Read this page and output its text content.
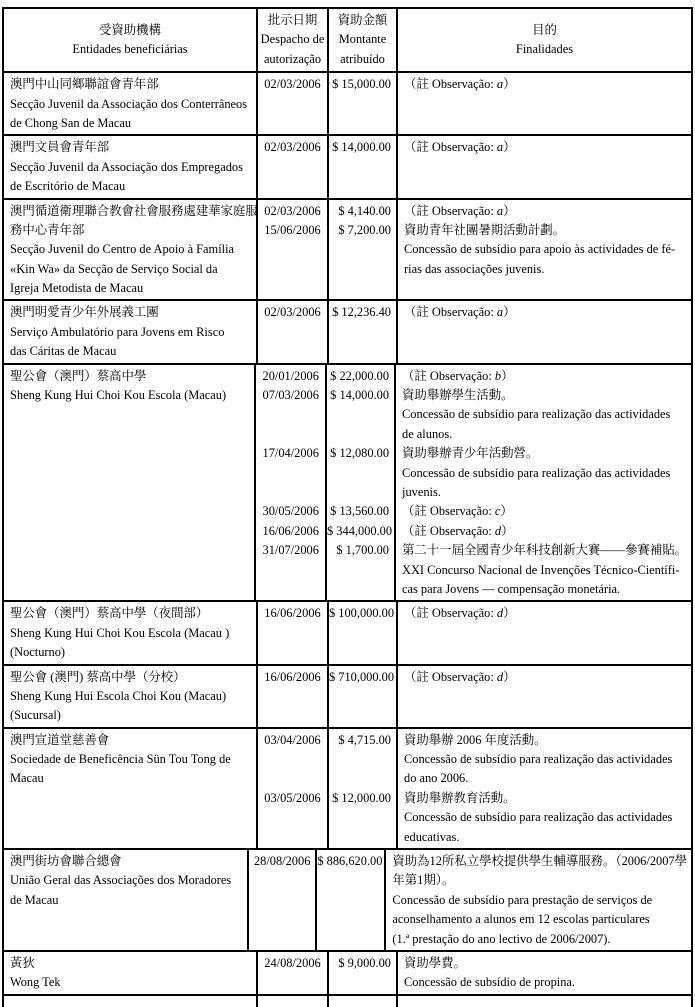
受資助機構
Entidades beneficiárias
批示日期
Despacho de
autorização
資助金額
Montante
atribuído
目的
Finalidades
澳門中山同鄉聯誼會青年部
Secção Juvenil da Associação dos Conterrâneos
de Chong San de Macau
02/03/2006 $ 15,000.00 （註 Observação: a）
澳門文員會青年部
Secção Juvenil da Associação dos Empregados
de Escritório de Macau
02/03/2006 $ 14,000.00 （註 Observação: a）
澳門循道衛理聯合教會社會服務處建華家庭服
務中心青年部
Secção Juvenil do Centro de Apoio à Família
«Kin Wa» da Secção de Serviço Social da
Igreja Metodista de Macau
02/03/2006
15/06/2006
$ 4,140.00
$ 7,200.00
（註 Observação: a）
資助青年社團暑期活動計劃。
Concessão de subsídio para apoio às actividades de fé-
rias das associações juvenis.
澳門明愛青少年外展義工團
Serviço Ambulatório para Jovens em Risco
das Cáritas de Macau
02/03/2006 $ 12,236.40 （註 Observação: a）
聖公會（澳門）蔡高中學
Sheng Kung Hui Choi Kou Escola (Macau)
20/01/2006
07/03/2006

17/04/2006

30/05/2006
16/06/2006
31/07/2006
$ 22,000.00
$ 14,000.00

$ 12,080.00

$ 13,560.00
$ 344,000.00
$ 1,700.00
（註 Observação: b）
資助舉辦學生活動。
Concessão de subsídio para realização das actividades
de alunos.
資助舉辦青少年活動營。
Concessão de subsídio para realização das actividades
juvenis.
（註 Observação: c）
（註 Observação: d）
第二十一屆全國青少年科技創新大賽——參賽補貼。
XXI Concurso Nacional de Invenções Técnico-Científi-
cas para Jovens — compensação monetária.
聖公會（澳門）蔡高中學（夜間部）
Sheng Kung Hui Choi Kou Escola (Macau )
(Nocturno)
16/06/2006 $ 100,000.00 （註 Observação: d）
聖公會 (澳門) 蔡高中學（分校）
Sheng Kung Hui Escola Choi Kou (Macau)
(Sucursal)
16/06/2006 $ 710,000.00 （註 Observação: d）
澳門宣道堂慈善會
Sociedade de Beneficência Sün Tou Tong de
Macau
03/04/2006

03/05/2006
$ 4,715.00

$ 12,000.00
資助舉辦 2006 年度活動。
Concessão de subsídio para realização das actividades
do ano 2006.
資助舉辦教育活動。
Concessão de subsídio para realização das actividades
educativas.
澳門街坊會聯合總會
União Geral das Associações dos Moradores
de Macau
28/08/2006 $ 886,620.00 資助為12所私立學校提供學生輔導服務。（2006/2007學
年第1期）。
Concessão de subsídio para prestação de serviços de
aconselhamento a alunos em 12 escolas particulares
(1.ª prestação do ano lectivo de 2006/2007).
黃狄
Wong Tek
24/08/2006	$ 9,000.00 資助學費。
Concessão de subsídio de propina.
